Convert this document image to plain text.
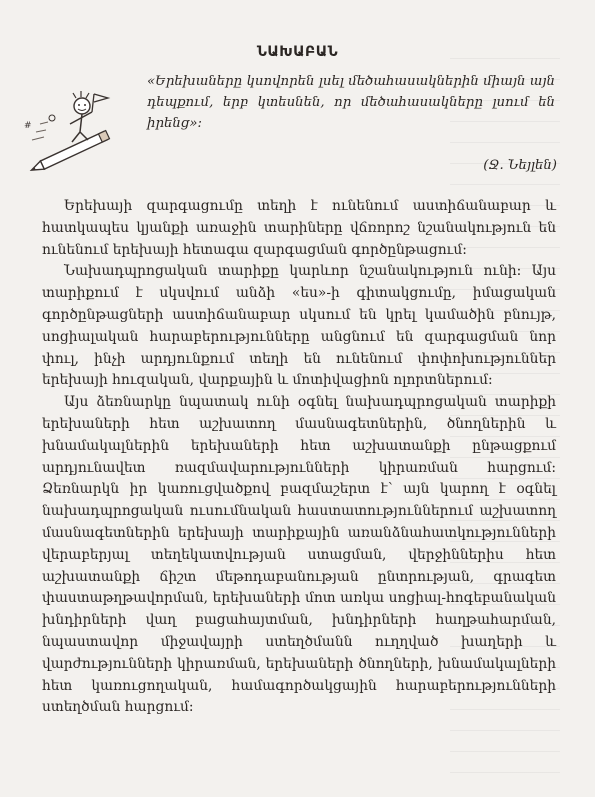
ՆԱԽԱԲԱՆ
#
«Երեխաները կսովորեն լսել մեծահասակներին միայն այն դեպքում, երբ կտեսնեն, որ մեծահասակները լսում են իրենց»:
(Ջ. Նեյլեն)

Երեխայի զարգացումը տեղի է ունենում աստիճանաբար և հատկապես կյանքի առաջին տարիները վճռորոշ նշանակություն են ունենում երեխայի հետագա զարգացման գործընթացում:

Նախադպրոցական տարիքը կարևոր նշանակություն ունի: Այս տարիքում է սկսվում անձի «ես»-ի գիտակցումը, իմացական գործընթացների աստիճանաբար սկսում են կրել կամածին բնույթ, սոցիալական հարաբերությունները անցնում են զարգացման նոր փուլ, ինչի արդյունքում տեղի են ունենում փոփոխություններ երեխայի հուզական, վարքային և մոտիվացիոն ոլորտներում:

Այս ձեռնարկը նպատակ ունի օգնել նախադպրոցական տարիքի երեխաների հետ աշխատող մասնագետներին, ծնողներին և խնամակալներին երեխաների հետ աշխատանքի ընթացքում արդյունավետ ռազմավարությունների կիրառման հարցում: Ձեռնարկն իր կառուցվածքով բազմաշերտ է՝ այն կարող է օգնել նախադպրոցական ուսումնական հաստատություններում աշխատող մասնագետներին երեխայի տարիքային առանձնահատկությունների վերաբերյալ տեղեկատվության ստացման, վերջիններիս հետ աշխատանքի ճիշտ մեթոդաբանության ընտրության, գրագետ փաստաթղթավորման, երեխաների մոտ առկա սոցիալ-հոգեբանական խնդիրների վաղ բացահայտման, խնդիրների հաղթահարման, նպաստավոր միջավայրի ստեղծմանն ուղղված խաղերի և վարժությունների կիրառման, երեխաների ծնողների, խնամակալների հետ կառուցողական, համագործակցային հարաբերությունների ստեղծման հարցում:
